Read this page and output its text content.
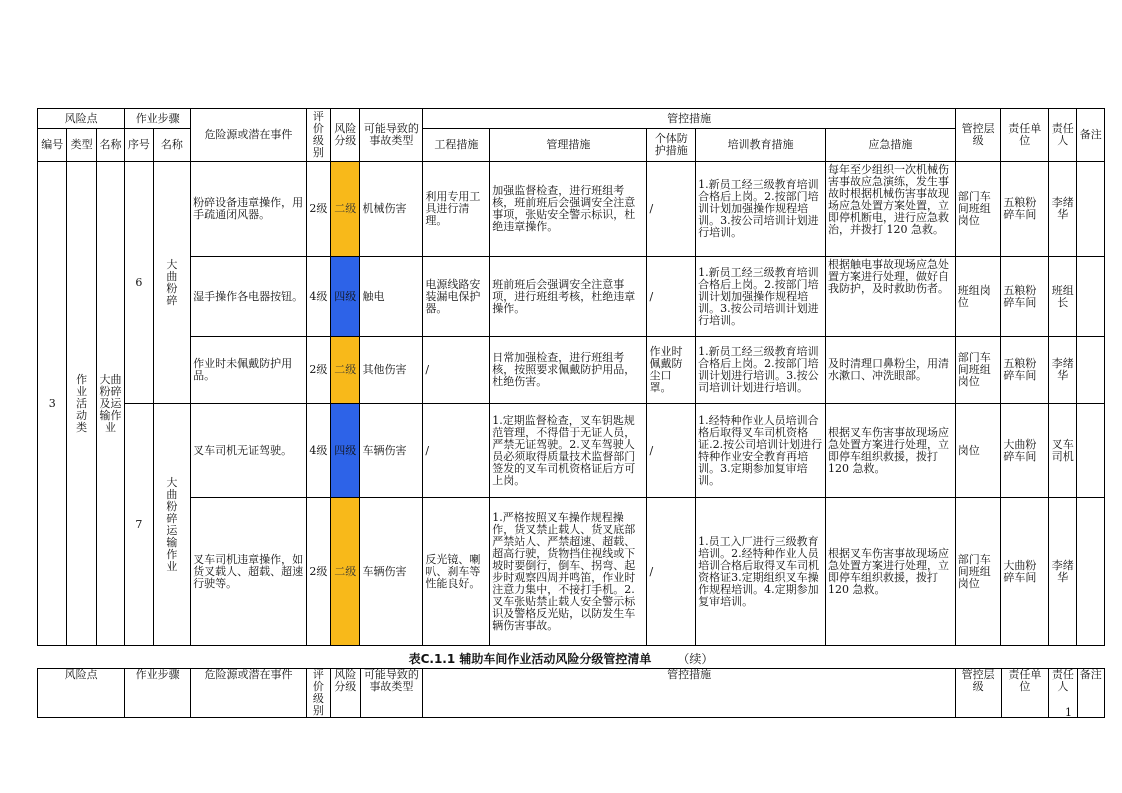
风险点			作业步骤		危险源或潜在事件	评价级别	风险分级	可能导致的事故类型	管控措施					管控层级	责任单位	责任人	备注
编号	类型	名称	序号	名称					工程措施	管理措施	个体防护措施	培训教育措施	应急措施				
3	作业活动类	大曲粉碎及运输作业	6	大曲粉碎	粉碎设备违章操作，用手疏通闭风器。	2级	二级	机械伤害	利用专用工具进行清理。	加强监督检查，进行班组考核，班前班后会强调安全注意事项，张贴安全警示标识，杜绝违章操作。	/	1.新员工经三级教育培训合格后上岗。2.按部门培训计划加强操作规程培训。3.按公司培训计划进行培训。	每年至少组织一次机械伤害事故应急演练，发生事故时根据机械伤害事故现场应急处置方案处置，立即停机断电，进行应急救治，并拨打 120 急救。	部门车间班组岗位	五粮粉碎车间	李绪华	
					湿手操作各电器按钮。	4级	四级	触电	电源线路安装漏电保护器。	班前班后会强调安全注意事项，进行班组考核，杜绝违章操作。	/	1.新员工经三级教育培训合格后上岗。2.按部门培训计划加强操作规程培训。3.按公司培训计划进行培训。	根据触电事故现场应急处置方案进行处理，做好自我防护，及时救助伤者。	班组岗位	五粮粉碎车间	班组长	
					作业时未佩戴防护用品。	2级	二级	其他伤害	/	日常加强检查，进行班组考核，按照要求佩戴防护用品，杜绝伤害。	作业时佩戴防尘口罩。	1.新员工经三级教育培训合格后上岗。2.按部门培训计划进行培训。3.按公司培训计划进行培训。	及时清理口鼻粉尘，用清水漱口、冲洗眼部。	部门车间班组岗位	五粮粉碎车间	李绪华	
			7	大曲粉碎运输作业	叉车司机无证驾驶。	4级	四级	车辆伤害	/	1.定期监督检查，叉车钥匙规范管理，不得借于无证人员，严禁无证驾驶。2.叉车驾驶人员必须取得质量技术监督部门签发的叉车司机资格证后方可上岗。	/	1.经特种作业人员培训合格后取得叉车司机资格证.2.按公司培训计划进行特种作业安全教育再培训。3.定期参加复审培训。	根据叉车伤害事故现场应急处置方案进行处理，立即停车组织救援，拨打 120 急救。	岗位	大曲粉碎车间	叉车司机	
					叉车司机违章操作，如货叉载人、超载、超速行驶等。	2级	二级	车辆伤害	反光镜、喇叭、刹车等性能良好。	1.严格按照叉车操作规程操作，货叉禁止载人、货叉底部严禁站人、严禁超速、超载、超高行驶，货物挡住视线或下坡时要倒行，倒车、拐弯、起步时观察四周并鸣笛，作业时注意力集中，不接打手机。2.叉车张贴禁止载人安全警示标识及警格反光贴，以防发生车辆伤害事故。	/	1.员工入厂进行三级教育培训。2.经特种作业人员培训合格后取得叉车司机资格证3.定期组织叉车操作规程培训。4.定期参加复审培训。	根据叉车伤害事故现场应急处置方案进行处理，立即停车组织救援，拨打 120 急救。	部门车间班组岗位	大曲粉碎车间	李绪华	
表C.1.1 辅助车间作业活动风险分级管控清单 （续）
风险点	作业步骤	危险源或潜在事件	评价级别	风险分级	可能导致的事故类型	管控措施	管控层级	责任单位	责任人	备注
1
